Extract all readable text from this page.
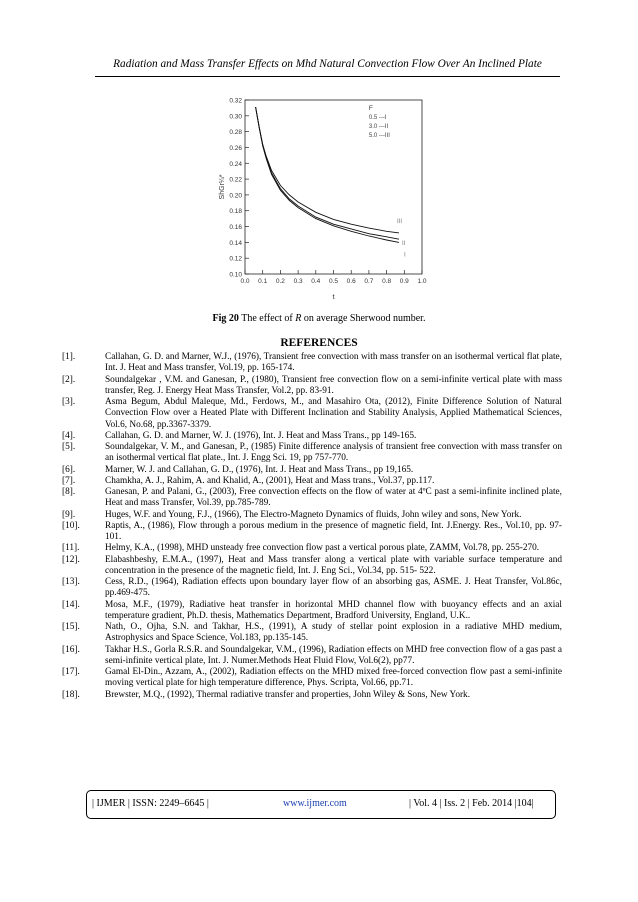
Radiation and Mass Transfer Effects on Mhd Natural Convection Flow Over An Inclined Plate
0.10
0.12
0.14
0.16
0.18
0.20
0.22
0.24
0.26
0.28
0.30
0.32
0.0 0.1 0.2 0.3 0.4 0.5 0.6 0.7 0.8 0.9 1.0
t
ShGr¼*
F
0.5 ---I
3.0 ---II
5.0 ---III
I
II
III
Fig 20 The effect of R on average Sherwood number.
REFERENCES
[1].	Callahan, G. D. and Marner, W.J., (1976), Transient free convection with mass transfer on an isothermal vertical flat plate, Int. J. Heat and Mass transfer, Vol.19, pp. 165-174.
[2].	Soundalgekar , V.M. and Ganesan, P., (1980), Transient free convection flow on a semi-infinite vertical plate with mass transfer, Reg. J. Energy Heat Mass Transfer, Vol.2, pp. 83-91.
[3].	Asma Begum, Abdul Maleque, Md., Ferdows, M., and Masahiro Ota, (2012), Finite Difference Solution of Natural Convection Flow over a Heated Plate with Different Inclination and Stability Analysis, Applied Mathematical Sciences, Vol.6, No.68, pp.3367-3379.
[4].	Callahan, G. D. and Marner, W. J. (1976), Int. J. Heat and Mass Trans., pp 149-165.
[5].	Soundalgekar, V. M., and Ganesan, P., (1985) Finite difference analysis of transient free convection with mass transfer on an isothermal vertical flat plate., Int. J. Engg Sci. 19, pp 757-770.
[6].	Marner, W. J. and Callahan, G. D., (1976), Int. J. Heat and Mass Trans., pp 19,165.
[7].	Chamkha, A. J., Rahim, A. and Khalid, A., (2001), Heat and Mass trans., Vol.37, pp.117.
[8].	Ganesan, P. and Palani, G., (2003), Free convection effects on the flow of water at 4ºC past a semi-infinite inclined plate, Heat and mass Transfer, Vol.39, pp.785-789.
[9].	Huges, W.F. and Young, F.J., (1966), The Electro-Magneto Dynamics of fluids, John wiley and sons, New York.
[10].	Raptis, A., (1986), Flow through a porous medium in the presence of magnetic field, Int. J.Energy. Res., Vol.10, pp. 97-101.
[11].	Helmy, K.A., (1998), MHD unsteady free convection flow past a vertical porous plate, ZAMM, Vol.78, pp. 255-270.
[12].	Elabashbeshy, E.M.A., (1997), Heat and Mass transfer along a vertical plate with variable surface temperature and concentration in the presence of the magnetic field, Int. J. Eng Sci., Vol.34, pp. 515- 522.
[13].	Cess, R.D., (1964), Radiation effects upon boundary layer flow of an absorbing gas, ASME. J. Heat Transfer, Vol.86c, pp.469-475.
[14].	Mosa, M.F., (1979), Radiative heat transfer in horizontal MHD channel flow with buoyancy effects and an axial temperature gradient, Ph.D. thesis, Mathematics Department, Bradford University, England, U.K..
[15].	Nath, O., Ojha, S.N. and Takhar, H.S., (1991), A study of stellar point explosion in a radiative MHD medium, Astrophysics and Space Science, Vol.183, pp.135-145.
[16].	Takhar H.S., Gorla R.S.R. and Soundalgekar, V.M., (1996), Radiation effects on MHD free convection flow of a gas past a semi-infinite vertical plate, Int. J. Numer.Methods Heat Fluid Flow, Vol.6(2), pp77.
[17].	Gamal El-Din., Azzam, A., (2002), Radiation effects on the MHD mixed free-forced convection flow past a semi-infinite moving vertical plate for high temperature difference, Phys. Scripta, Vol.66, pp.71.
[18].	Brewster, M.Q., (1992), Thermal radiative transfer and properties, John Wiley & Sons, New York.
| IJMER | ISSN: 2249–6645 |	www.ijmer.com	| Vol. 4 | Iss. 2 | Feb. 2014 |104|
